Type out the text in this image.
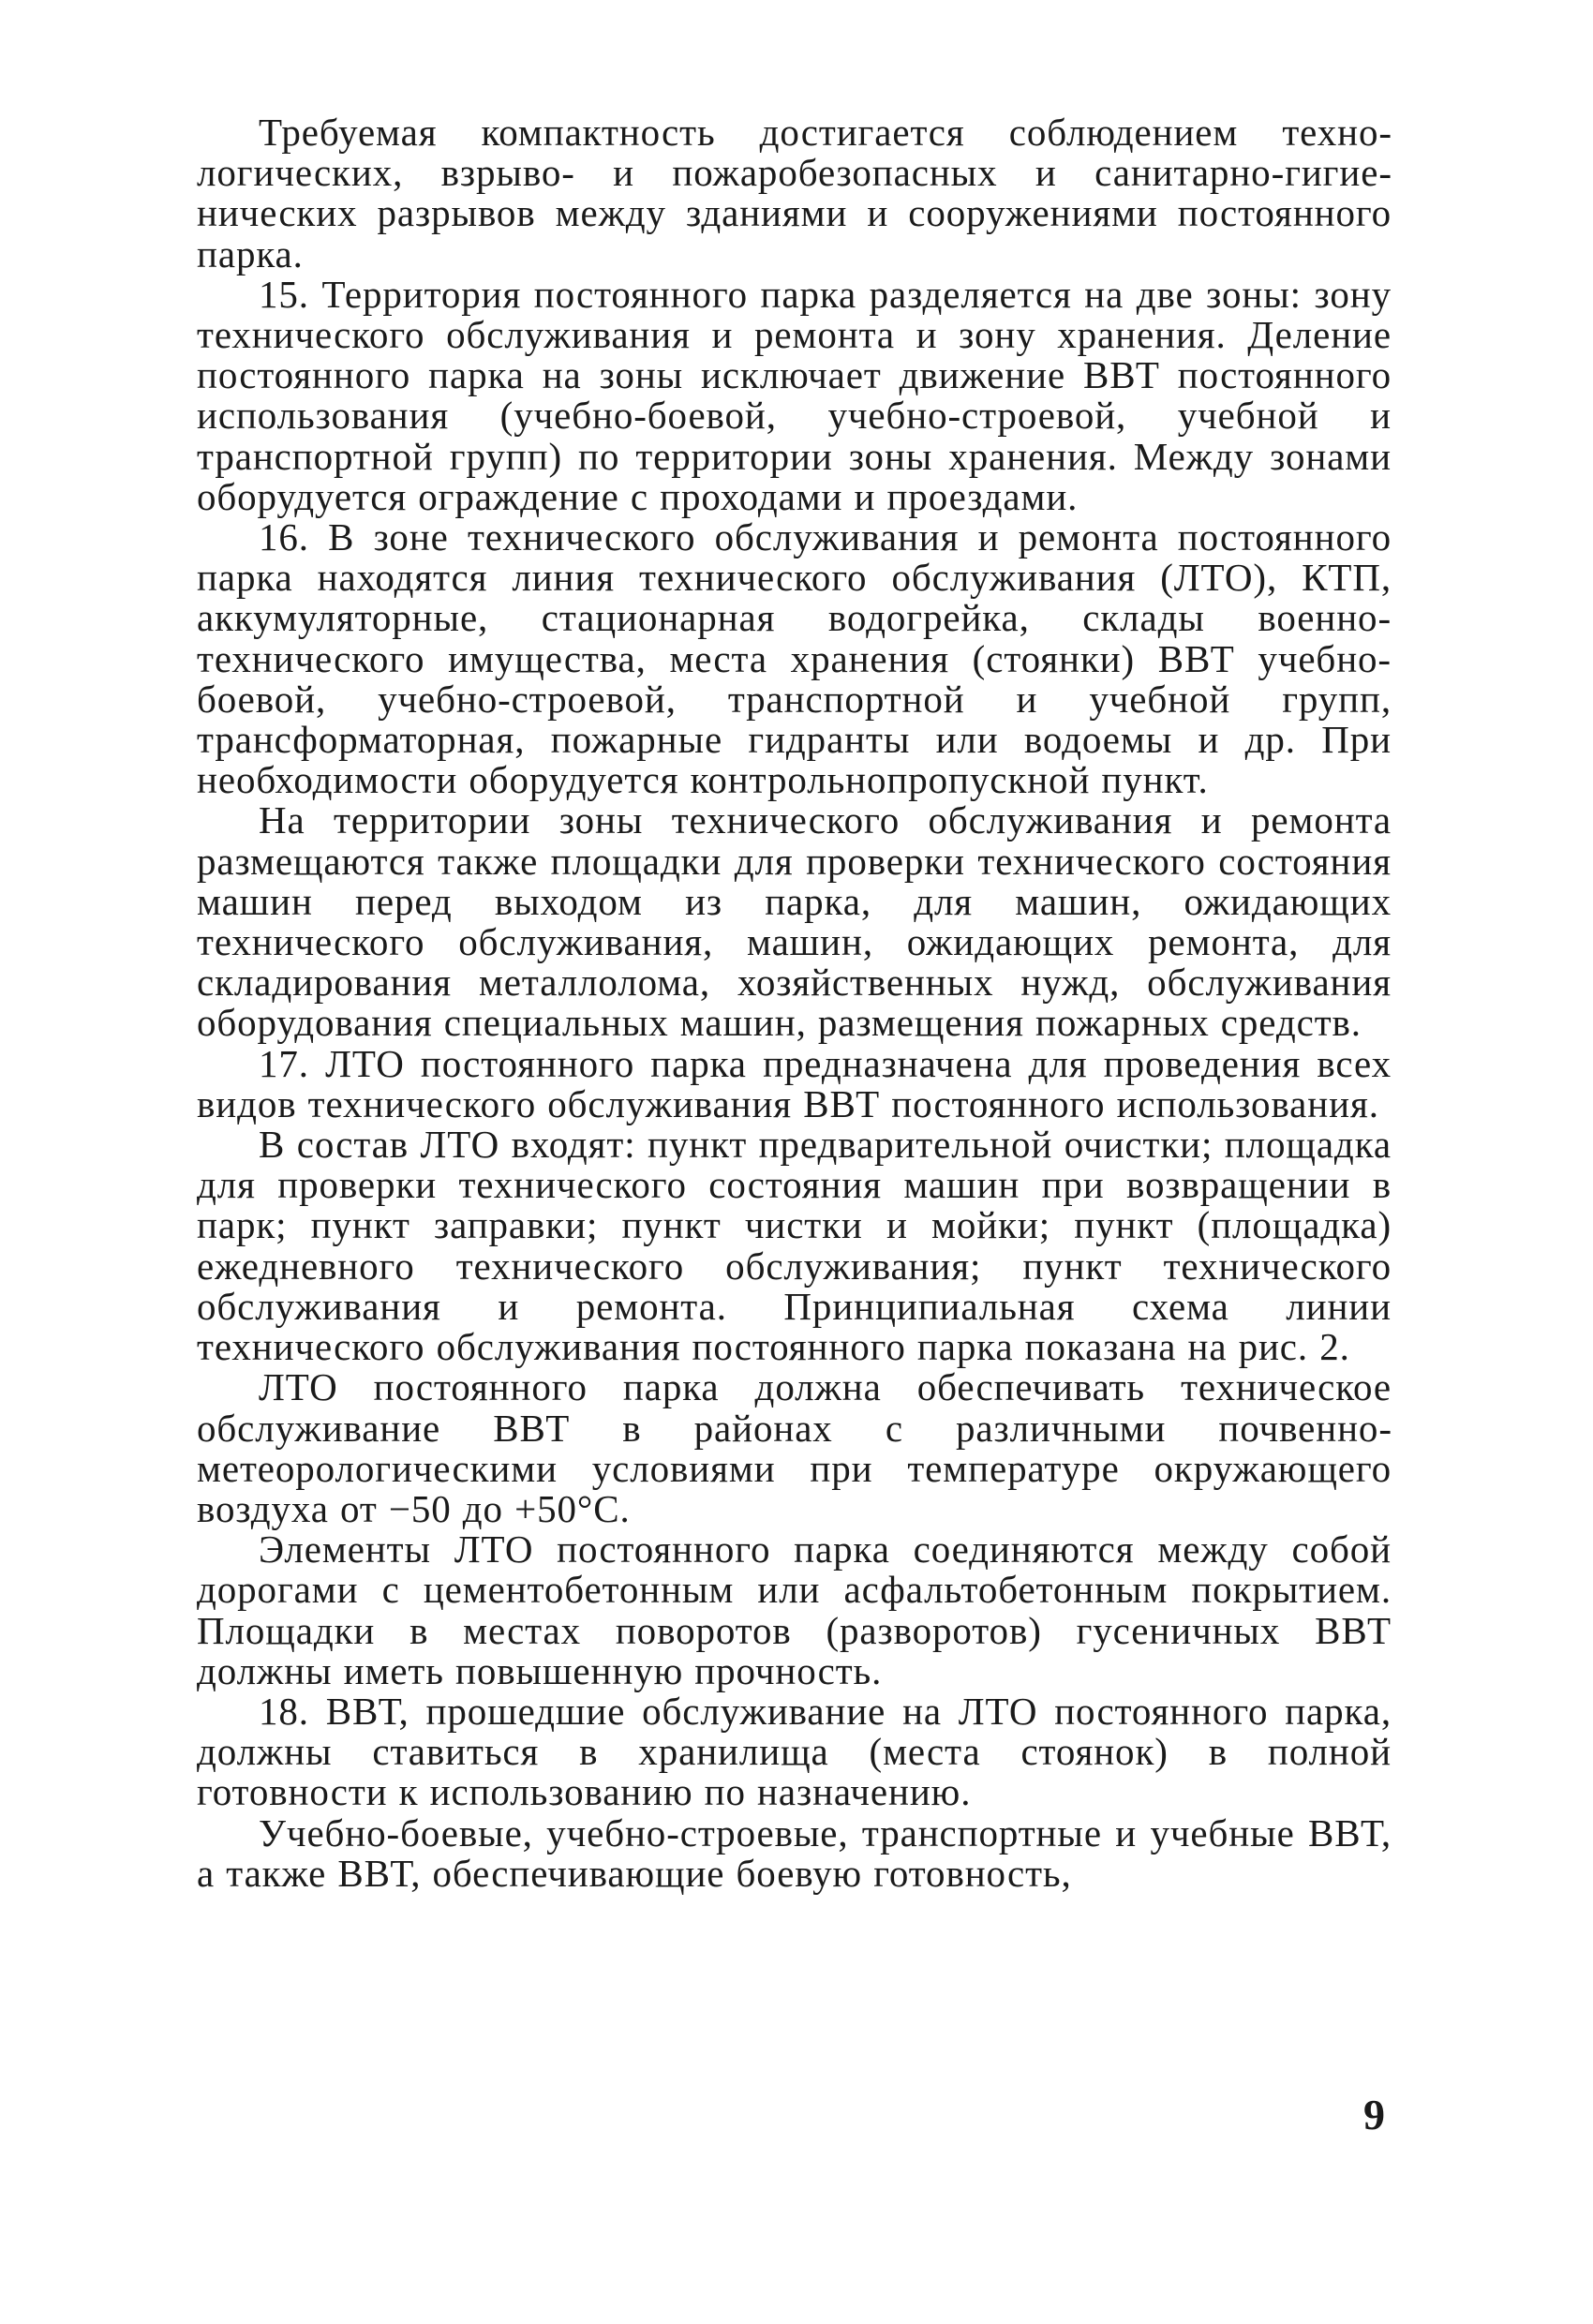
Требуемая компактность достигается соблюдением технологических, взрыво- и пожаробезопасных и санитарно-гигиенических разрывов между зданиями и сооружениями постоянного парка.

15. Территория постоянного парка разделяется на две зоны: зону технического обслуживания и ремонта и зону хранения. Деление постоянного парка на зоны исключает движение ВВТ постоянного использования (учебно-боевой, учебно-строевой, учебной и транспортной групп) по территории зоны хранения. Между зонами оборудуется ограждение с проходами и проездами.

16. В зоне технического обслуживания и ремонта постоянного парка находятся линия технического обслуживания (ЛТО), КТП, аккумуляторные, стационарная водогрейка, склады военно-технического имущества, места хранения (стоянки) ВВТ учебно-боевой, учебно-строевой, транспортной и учебной групп, трансформаторная, пожарные гидранты или водоемы и др. При необходимости оборудуется контрольнопропускной пункт.

На территории зоны технического обслуживания и ремонта размещаются также площадки для проверки технического состояния машин перед выходом из парка, для машин, ожидающих технического обслуживания, машин, ожидающих ремонта, для складирования металлолома, хозяйственных нужд, обслуживания оборудования специальных машин, размещения пожарных средств.

17. ЛТО постоянного парка предназначена для проведения всех видов технического обслуживания ВВТ постоянного использования.

В состав ЛТО входят: пункт предварительной очистки; площадка для проверки технического состояния машин при возвращении в парк; пункт заправки; пункт чистки и мойки; пункт (площадка) ежедневного технического обслуживания; пункт технического обслуживания и ремонта. Принципиальная схема линии технического обслуживания постоянного парка показана на рис. 2.

ЛТО постоянного парка должна обеспечивать техническое обслуживание ВВТ в районах с различными почвеннометеорологическими условиями при температуре окружающего воздуха от −50 до +50°С.

Элементы ЛТО постоянного парка соединяются между собой дорогами с цементобетонным или асфальтобетонным покрытием. Площадки в местах поворотов (разворотов) гусеничных ВВТ должны иметь повышенную прочность.

18. ВВТ, прошедшие обслуживание на ЛТО постоянного парка, должны ставиться в хранилища (места стоянок) в полной готовности к использованию по назначению.

Учебно-боевые, учебно-строевые, транспортные и учебные ВВТ, а также ВВТ, обеспечивающие боевую готовность,

9
